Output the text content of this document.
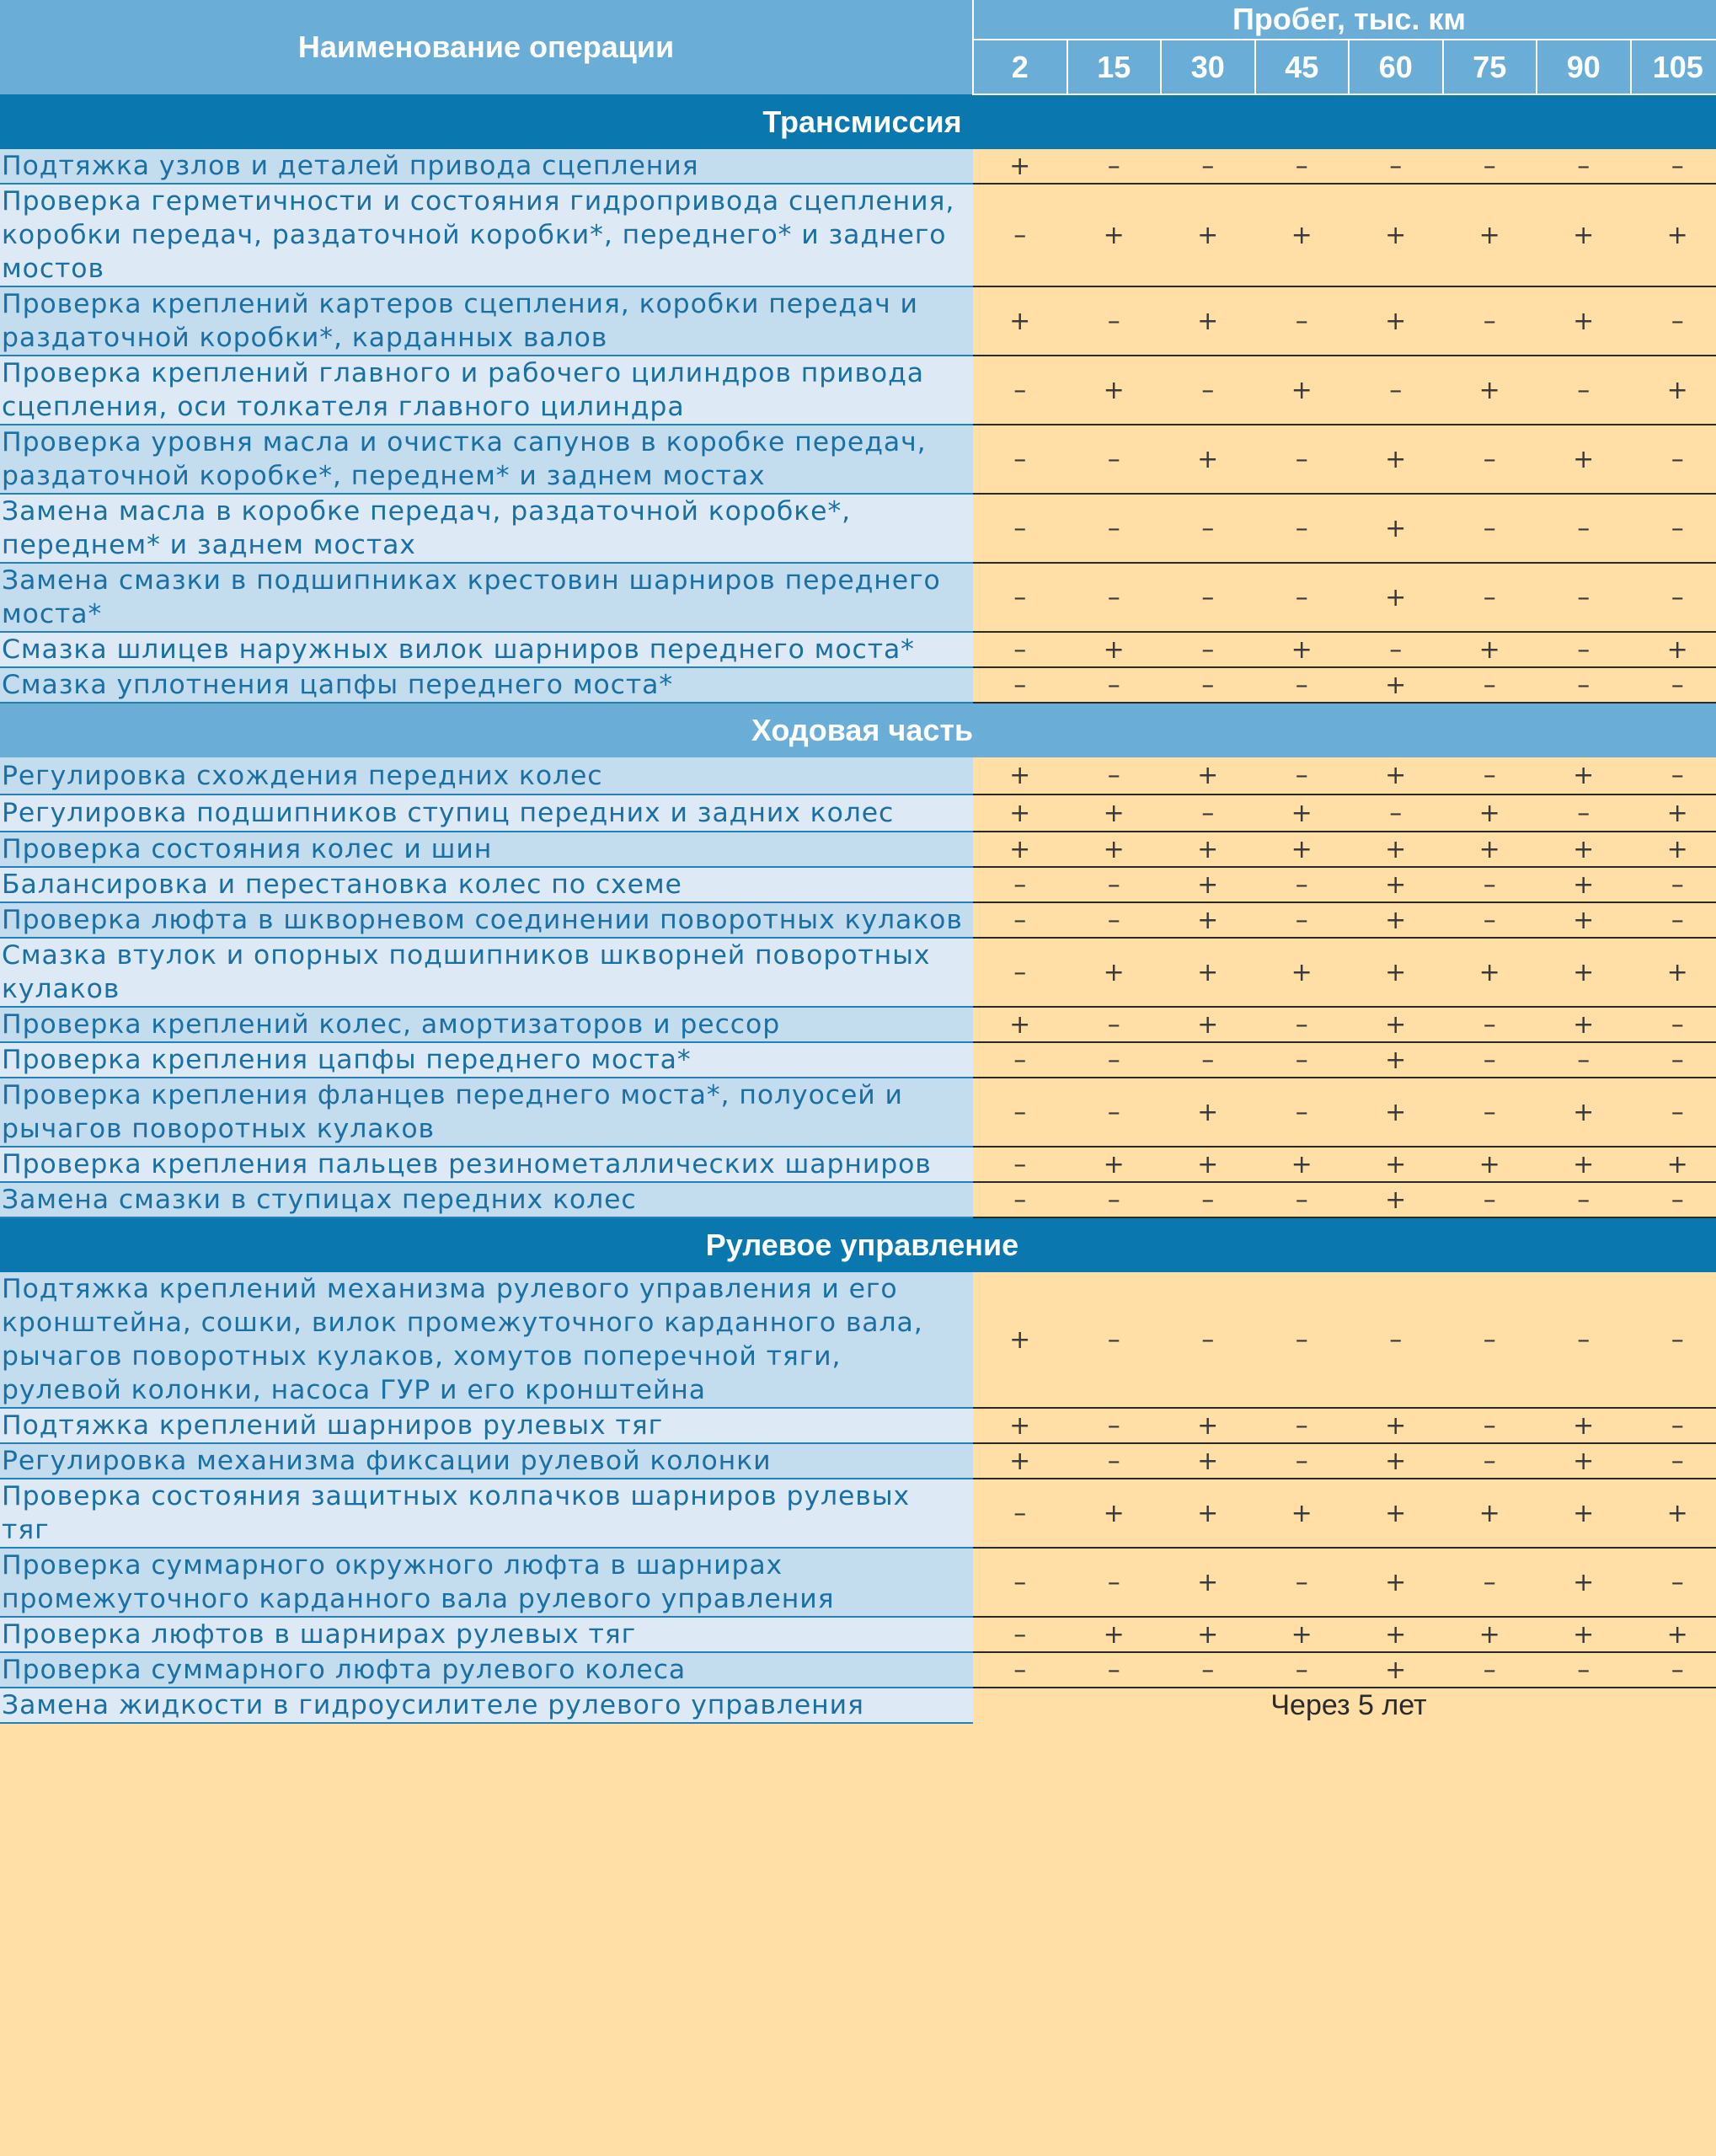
Наименование операции	Пробег, тыс. км							
	2	15	30	45	60	75	90	105
Трансмиссия								
Подтяжка узлов и деталей привода сцепления	+	–	–	–	–	–	–	–
Проверка герметичности и состояния гидропривода сцепления, коробки передач, раздаточной коробки*, переднего* и заднего мостов	–	+	+	+	+	+	+	+
Проверка креплений картеров сцепления, коробки передач и раздаточной коробки*, карданных валов	+	–	+	–	+	–	+	–
Проверка креплений главного и рабочего цилиндров привода сцепления, оси толкателя главного цилиндра	–	+	–	+	–	+	–	+
Проверка уровня масла и очистка сапунов в коробке передач, раздаточной коробке*, переднем* и заднем мостах	–	–	+	–	+	–	+	–
Замена масла в коробке передач, раздаточной коробке*, переднем* и заднем мостах	–	–	–	–	+	–	–	–
Замена смазки в подшипниках крестовин шарниров переднего моста*	–	–	–	–	+	–	–	–
Смазка шлицев наружных вилок шарниров переднего моста*	–	+	–	+	–	+	–	+
Смазка уплотнения цапфы переднего моста*	–	–	–	–	+	–	–	–
Ходовая часть								
Регулировка схождения передних колес	+	–	+	–	+	–	+	–
Регулировка подшипников ступиц передних и задних колес	+	+	–	+	–	+	–	+
Проверка состояния колес и шин	+	+	+	+	+	+	+	+
Балансировка и перестановка колес по схеме	–	–	+	–	+	–	+	–
Проверка люфта в шкворневом соединении поворотных кулаков	–	–	+	–	+	–	+	–
Смазка втулок и опорных подшипников шкворней поворотных кулаков	–	+	+	+	+	+	+	+
Проверка креплений колес, амортизаторов и рессор	+	–	+	–	+	–	+	–
Проверка крепления цапфы переднего моста*	–	–	–	–	+	–	–	–
Проверка крепления фланцев переднего моста*, полуосей и рычагов поворотных кулаков	–	–	+	–	+	–	+	–
Проверка крепления пальцев резинометаллических шарниров	–	+	+	+	+	+	+	+
Замена смазки в ступицах передних колес	–	–	–	–	+	–	–	–
Рулевое управление								
Подтяжка креплений механизма рулевого управления и его кронштейна, сошки, вилок промежуточного карданного вала, рычагов поворотных кулаков, хомутов поперечной тяги, рулевой колонки, насоса ГУР и его кронштейна	+	–	–	–	–	–	–	–
Подтяжка креплений шарниров рулевых тяг	+	–	+	–	+	–	+	–
Регулировка механизма фиксации рулевой колонки	+	–	+	–	+	–	+	–
Проверка состояния защитных колпачков шарниров рулевых тяг	–	+	+	+	+	+	+	+
Проверка суммарного окружного люфта в шарнирах промежуточного карданного вала рулевого управления	–	–	+	–	+	–	+	–
Проверка люфтов в шарнирах рулевых тяг	–	+	+	+	+	+	+	+
Проверка суммарного люфта рулевого колеса	–	–	–	–	+	–	–	–
Замена жидкости в гидроусилителе рулевого управления	Через 5 лет							
